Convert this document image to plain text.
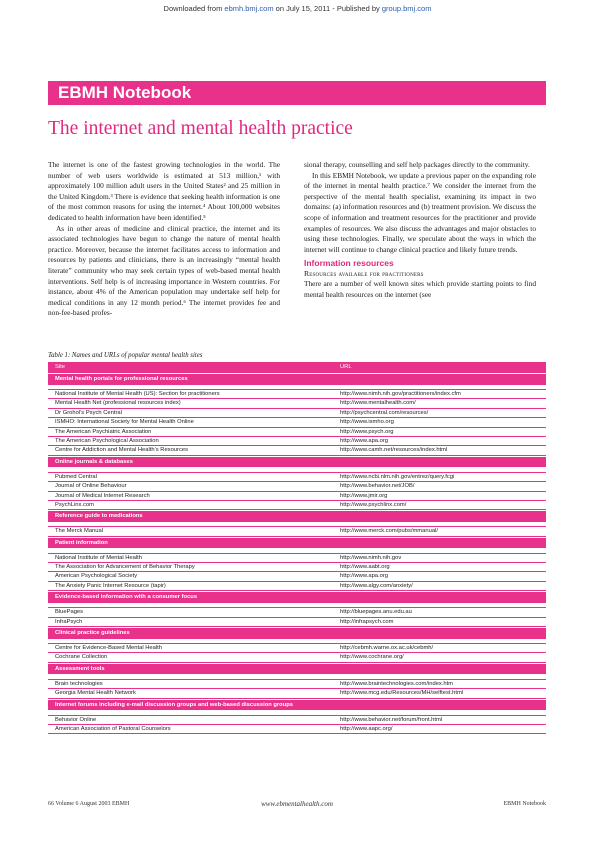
Downloaded from ebmh.bmj.com on July 15, 2011 - Published by group.bmj.com
EBMH Notebook
The internet and mental health practice

The internet is one of the fastest growing technologies in the world. The number of web users worldwide is estimated at 513 million,¹ with approximately 100 million adult users in the United States² and 25 million in the United Kingdom.³ There is evidence that seeking health information is one of the most common reasons for using the internet.⁴ About 100,000 websites dedicated to health information have been identified.⁵

As in other areas of medicine and clinical practice, the internet and its associated technologies have begun to change the nature of mental health practice. Moreover, because the internet facilitates access to information and resources by patients and clinicians, there is an increasingly “mental health literate” community who may seek certain types of web-based mental health interventions. Self help is of increasing importance in Western countries. For instance, about 4% of the American population may undertake self help for medical conditions in any 12 month period.⁶ The internet provides fee and non-fee-based profes-

sional therapy, counselling and self help packages directly to the community.

In this EBMH Notebook, we update a previous paper on the expanding role of the internet in mental health practice.⁷ We consider the internet from the perspective of the mental health specialist, examining its impact in two domains: (a) information resources and (b) treatment provision. We discuss the scope of information and treatment resources for the practitioner and provide examples of resources. We also discuss the advantages and major obstacles to using these technologies. Finally, we speculate about the ways in which the internet will continue to change clinical practice and likely future trends.

Information resources
Resources available for practitioners

There are a number of well known sites which provide starting points to find mental health resources on the internet (see

Table 1: Names and URLs of popular mental health sites
Site	URL
Mental health portals for professional resources
National Institute of Mental Health (US): Section for practitioners	http://www.nimh.nih.gov/practitioners/index.cfm
Mental Health Net (professional resources index)	http://www.mentalhealth.com/
Dr Grohol’s Psych Central	http://psychcentral.com/resources/
ISMHO: International Society for Mental Health Online	http://www.ismho.org
The American Psychiatric Association	http://www.psych.org
The American Psychological Association	http://www.apa.org
Centre for Addiction and Mental Health’s Resources	http://www.camh.net/resources/index.html
Online journals & databases
Pubmed Central	http://www.ncbi.nlm.nih.gov/entrez/query.fcgi
Journal of Online Behaviour	http://www.behavior.net/JOB/
Journal of Medical Internet Research	http://www.jmir.org
PsychLinx.com	http://www.psychlinx.com/
Reference guide to medications
The Merck Manual	http://www.merck.com/pubs/mmanual/
Patient information
National Institute of Mental Health	http://www.nimh.nih.gov
The Association for Advancement of Behavior Therapy	http://www.aabt.org
American Psychological Society	http://www.apa.org
The Anxiety Panic Internet Resource (tapir)	http://www.algy.com/anxiety/
Evidence-based information with a consumer focus
BluePages	http://bluepages.anu.edu.au
InfraPsych	http://infrapsych.com
Clinical practice guidelines
Centre for Evidence-Based Mental Health	http://cebmh.warne.ox.ac.uk/cebmh/
Cochrane Collection	http://www.cochrane.org/
Assessment tools
Brain technologies	http://www.braintechnologies.com/index.htm
Georgia Mental Health Network	http://www.mcg.edu/Resources/MH/selftest.html
Internet forums including e-mail discussion groups and web-based discussion groups
Behavior Online	http://www.behavior.net/forum/front.html
American Association of Pastoral Counselors	http://www.aapc.org/
66 Volume 6 August 2003 EBMH	www.ebmentalhealth.com	EBMH Notebook
